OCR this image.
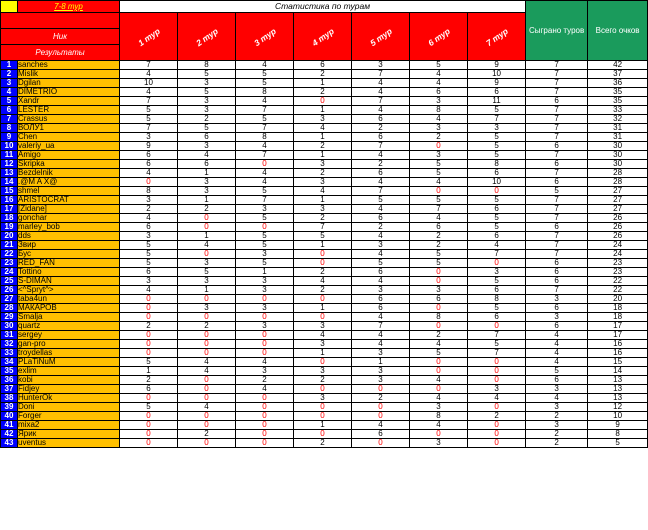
	7-8 тур	Статистика по турам							Сыграно туров	Всего очков

		1 тур	2 тур	3 тур	4 тур	5 тур	6 тур	7 тур		

Ник										
Результаты										
1	sanches	7	8	4	6	3	5	9	7	42
2	Mislik	4	5	5	2	7	4	10	7	37
3	Dgilan	10	3	5	1	4	4	9	7	36
4	DIMETRIO	4	5	8	2	4	6	6	7	35
5	Xandr	7	3	4	0	7	3	11	6	35
6	LESTER	5	3	7	1	4	8	5	7	33
7	Crassus	5	2	5	3	6	4	7	7	32
8	ВОЛУ1	7	5	7	4	2	3	3	7	31
9	Chen	3	6	8	1	6	2	5	7	31
10	valeriy_ua	9	3	4	2	7	0	5	6	30
11	Amigo	6	4	7	1	4	3	5	7	30
12	Skripka	6	6	0	3	2	5	8	6	30
13	Bezdelnik	4	1	4	2	6	5	6	7	28
14	.@M A X@	0	3	4	3	4	4	10	6	28
15	shmel	8	3	5	4	7	0	0	5	27
16	ARISTOCRAT	3	1	7	1	5	5	5	7	27
17	[Zidane]	2	2	3	3	4	7	6	7	27
18	gonchar	4	0	5	2	6	4	5	7	26
19	marley_bob	6	0	0	7	2	6	5	6	26
20	dds	3	1	5	5	4	2	6	7	26
21	Звир	5	4	5	1	3	2	4	7	24
22	Бус	5	0	3	0	4	5	7	7	24
23	RED_FAN	5	3	5	0	5	5	0	6	23
24	Tottino	6	5	1	2	6	0	3	6	23
25	S-DIMAN	3	3	3	4	4	0	5	6	22
26	<^Spryt^>	4	1	3	2	3	3	6	7	22
27	taba4un	0	0	0	0	6	6	8	3	20
28	МАКАРОВ	0	3	3	1	6	0	5	6	18
29	Smalja	0	0	0	0	4	8	6	3	18
30	quartz	2	2	3	3	7	0	0	6	17
31	sergey	0	0	0	4	4	2	7	4	17
32	gan-pro	0	0	0	3	4	4	5	4	16
33	troydellas	0	0	0	1	3	5	7	4	16
34	PLaTiNuM	5	4	4	0	1	0	0	4	15
35	exlim	1	4	3	3	3	0	0	5	14
36	kobi	2	0	2	2	3	4	0	6	13
37	Fidjey	6	0	4	0	0	0	3	3	13
38	HunterOk	0	0	0	3	2	4	4	4	13
39	Doni	5	4	0	0	0	3	0	3	12
40	Forger	0	0	0	0	0	8	2	2	10
41	mixa2	0	0	0	1	4	4	0	3	9
42	Ярик	0	2	0	0	6	0	0	2	8
43	uventus	0	0	0	2	0	3	0	2	5
